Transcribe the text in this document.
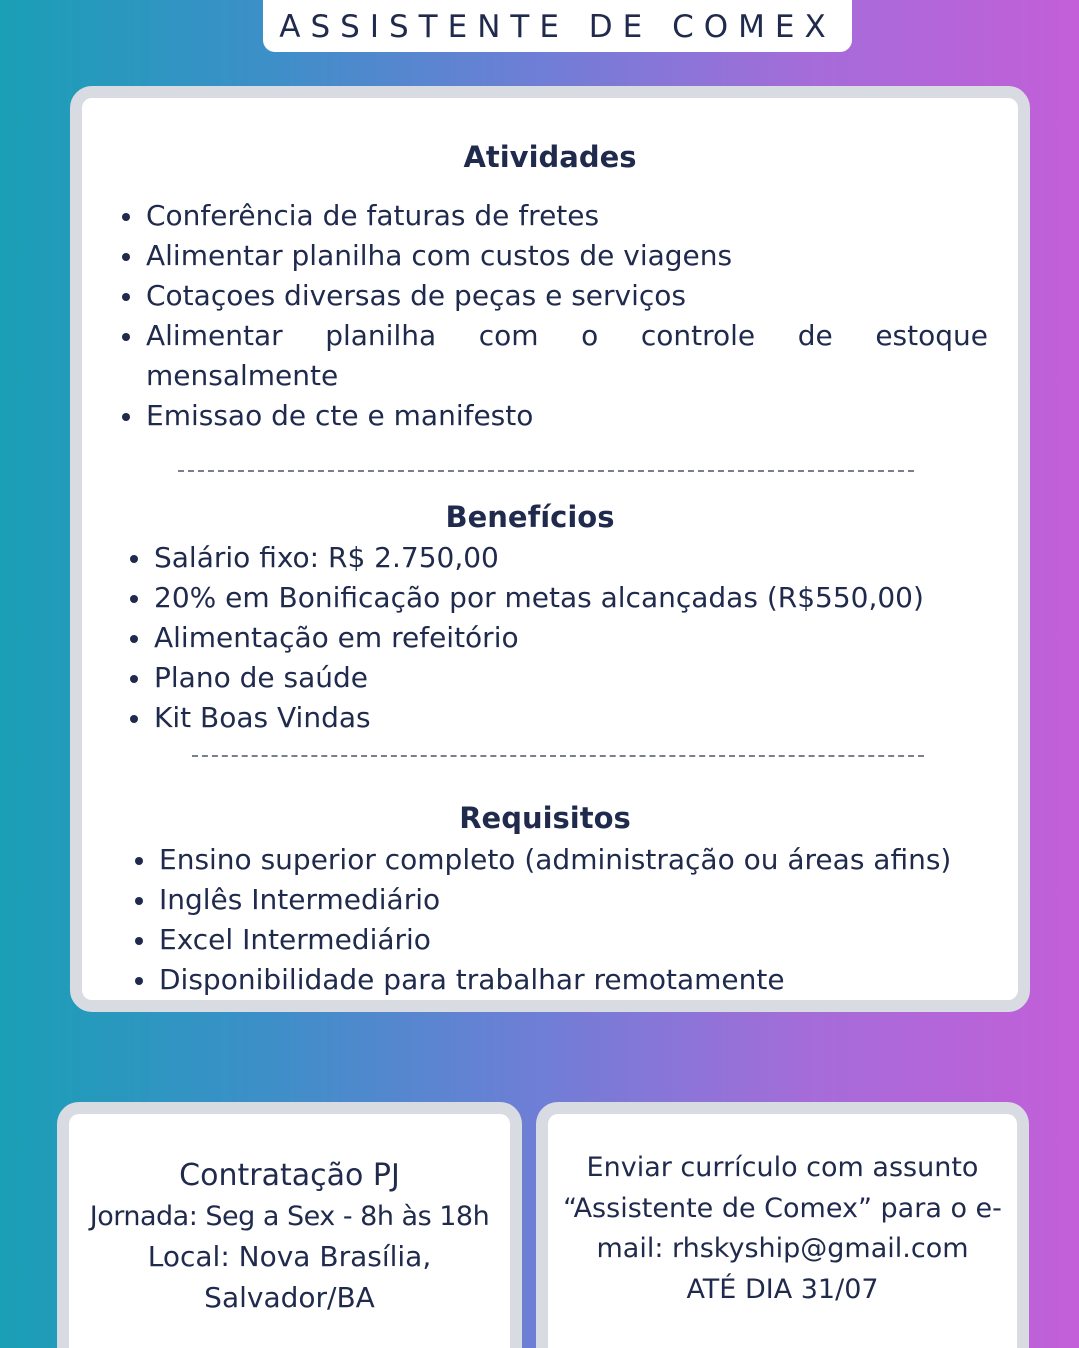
ASSISTENTE DE COMEX
Atividades
Conferência de faturas de fretes
Alimentar planilha com custos de viagens
Cotaçoes diversas de peças e serviços
Alimentar planilha com o controle de estoque mensalmente
Emissao de cte e manifesto
Benefícios
Salário fixo: R$ 2.750,00
20% em Bonificação por metas alcançadas (R$550,00)
Alimentação em refeitório
Plano de saúde
Kit Boas Vindas
Requisitos
Ensino superior completo (administração ou áreas afins)
Inglês Intermediário
Excel Intermediário
Disponibilidade para trabalhar remotamente
Contratação PJ
Jornada: Seg a Sex - 8h às 18h
Local: Nova Brasília,
Salvador/BA
Enviar currículo com assunto
“Assistente de Comex” para o e-
mail: rhskyship@gmail.com
ATÉ DIA 31/07
